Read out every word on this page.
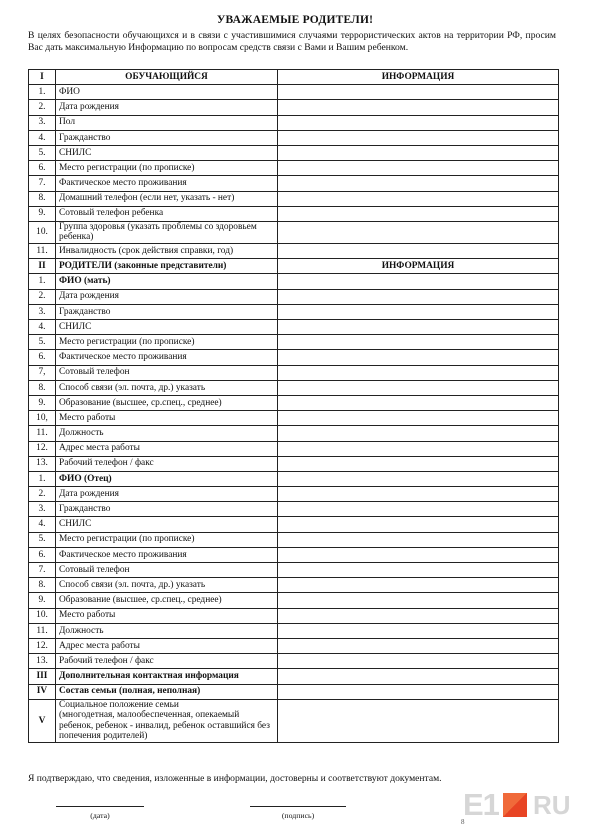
УВАЖАЕМЫЕ РОДИТЕЛИ!
В целях безопасности обучающихся и в связи с участившимися случаями террористических актов на территории РФ, просим Вас дать максимальную Информацию по вопросам средств связи с Вами и Вашим ребенком.
I	ОБУЧАЮЩИЙСЯ	ИНФОРМАЦИЯ
1.	ФИО	
2.	Дата рождения	
3.	Пол	
4.	Гражданство	
5.	СНИЛС	
6.	Место регистрации (по прописке)	
7.	Фактическое место проживания	
8.	Домашний телефон (если нет, указать - нет)	
9.	Сотовый телефон ребенка	
10.	Группа здоровья (указать проблемы со здоровьем ребенка)	
11.	Инвалидность (срок действия справки, год)	
II	РОДИТЕЛИ (законные представители)	ИНФОРМАЦИЯ
1.	ФИО (мать)	
2.	Дата рождения	
3.	Гражданство	
4.	СНИЛС	
5.	Место регистрации (по прописке)	
6.	Фактическое место проживания	
7,	Сотовый телефон	
8.	Способ связи (эл. почта, др.) указать	
9.	Образование (высшее, ср.спец., среднее)	
10,	Место работы	
11.	Должность	
12.	Адрес места работы	
13.	Рабочий телефон / факс	
1.	ФИО (Отец)	
2.	Дата рождения	
3.	Гражданство	
4.	СНИЛС	
5.	Место регистрации (по прописке)	
6.	Фактическое место проживания	
7.	Сотовый телефон	
8.	Способ связи (эл. почта, др.) указать	
9.	Образование (высшее, ср.спец., среднее)	
10.	Место работы	
11.	Должность	
12.	Адрес места работы	
13.	Рабочий телефон / факс	
III	Дополнительная контактная информация	
IV	Состав семьи (полная, неполная)	
V	Социальное положение семьи
(многодетная, малообеспеченная, опекаемый ребенок, ребенок - инвалид, ребенок оставшийся без попечения родителей)	

Я подтверждаю, что сведения, изложенные в информации, достоверны и соответствуют документам.
(дата)	(подпись)
8
E1 RU
